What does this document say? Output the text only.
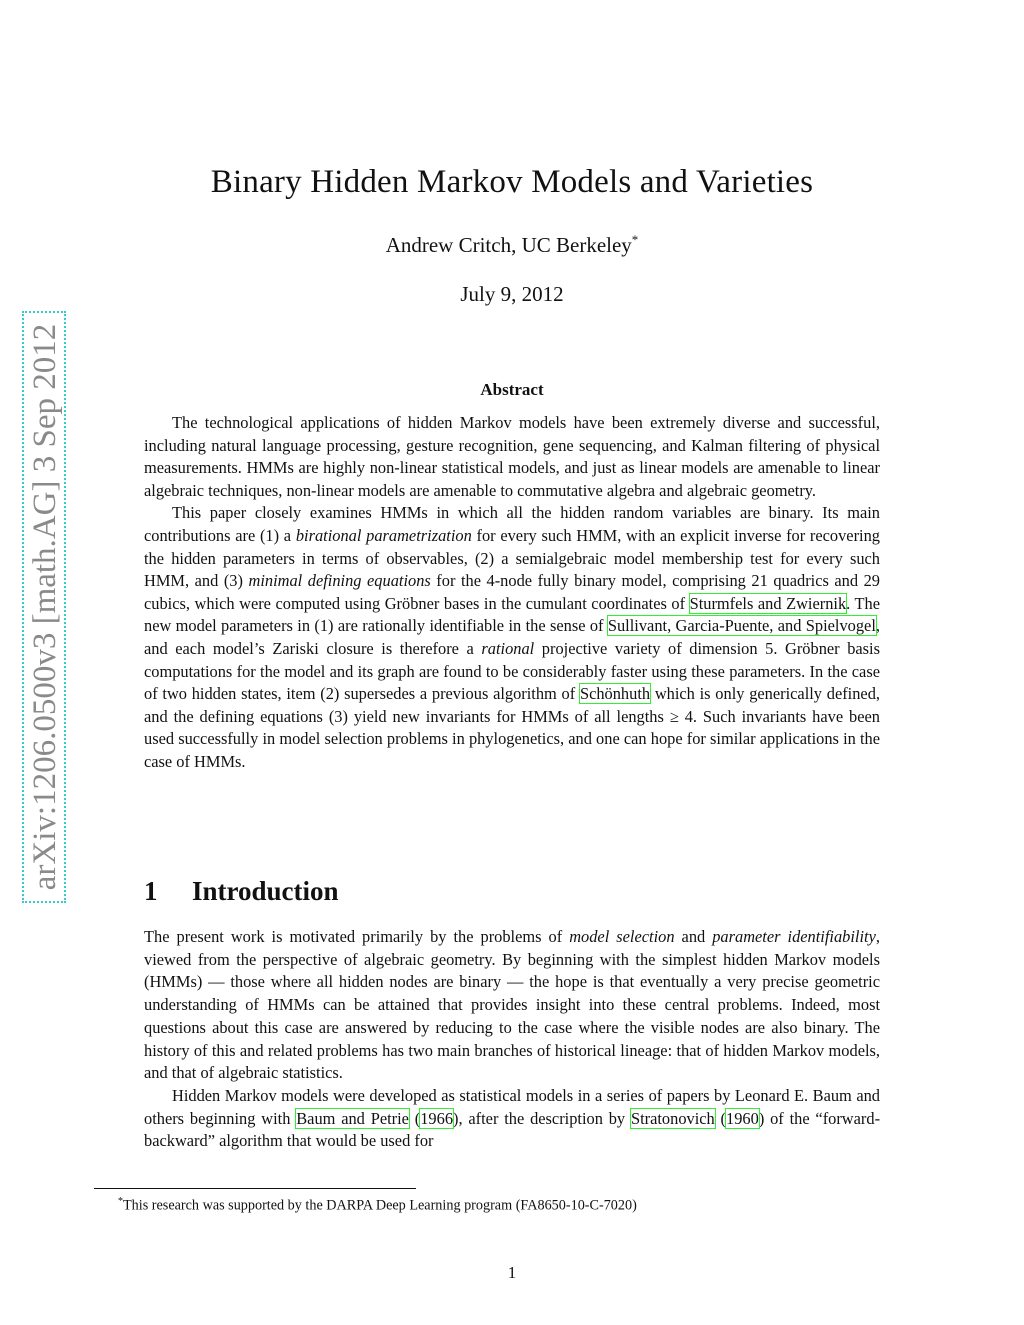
arXiv:1206.0500v3 [math.AG] 3 Sep 2012
Binary Hidden Markov Models and Varieties
Andrew Critch, UC Berkeley*
July 9, 2012
Abstract

The technological applications of hidden Markov models have been extremely diverse and successful, including natural language processing, gesture recognition, gene sequencing, and Kalman filtering of physical measurements. HMMs are highly non-linear statistical models, and just as linear models are amenable to linear algebraic techniques, non-linear models are amenable to commutative algebra and algebraic geometry.

This paper closely examines HMMs in which all the hidden random variables are binary. Its main contributions are (1) a birational parametrization for every such HMM, with an explicit inverse for recovering the hidden parameters in terms of observables, (2) a semialgebraic model membership test for every such HMM, and (3) minimal defining equations for the 4-node fully binary model, comprising 21 quadrics and 29 cubics, which were computed using Gröbner bases in the cumulant coordinates of Sturmfels and Zwiernik. The new model parameters in (1) are rationally identifiable in the sense of Sullivant, Garcia-Puente, and Spielvogel, and each model’s Zariski closure is therefore a rational projective variety of dimension 5. Gröbner basis computations for the model and its graph are found to be considerably faster using these parameters. In the case of two hidden states, item (2) supersedes a previous algorithm of Schönhuth which is only generically defined, and the defining equations (3) yield new invariants for HMMs of all lengths ≥ 4. Such invariants have been used successfully in model selection problems in phylogenetics, and one can hope for similar applications in the case of HMMs.

1 Introduction

The present work is motivated primarily by the problems of model selection and parameter identifiability, viewed from the perspective of algebraic geometry. By beginning with the simplest hidden Markov models (HMMs) — those where all hidden nodes are binary — the hope is that eventually a very precise geometric understanding of HMMs can be attained that provides insight into these central problems. Indeed, most questions about this case are answered by reducing to the case where the visible nodes are also binary. The history of this and related problems has two main branches of historical lineage: that of hidden Markov models, and that of algebraic statistics.

Hidden Markov models were developed as statistical models in a series of papers by Leonard E. Baum and others beginning with Baum and Petrie (1966), after the description by Stratonovich (1960) of the “forward-backward” algorithm that would be used for

*This research was supported by the DARPA Deep Learning program (FA8650-10-C-7020)
1
